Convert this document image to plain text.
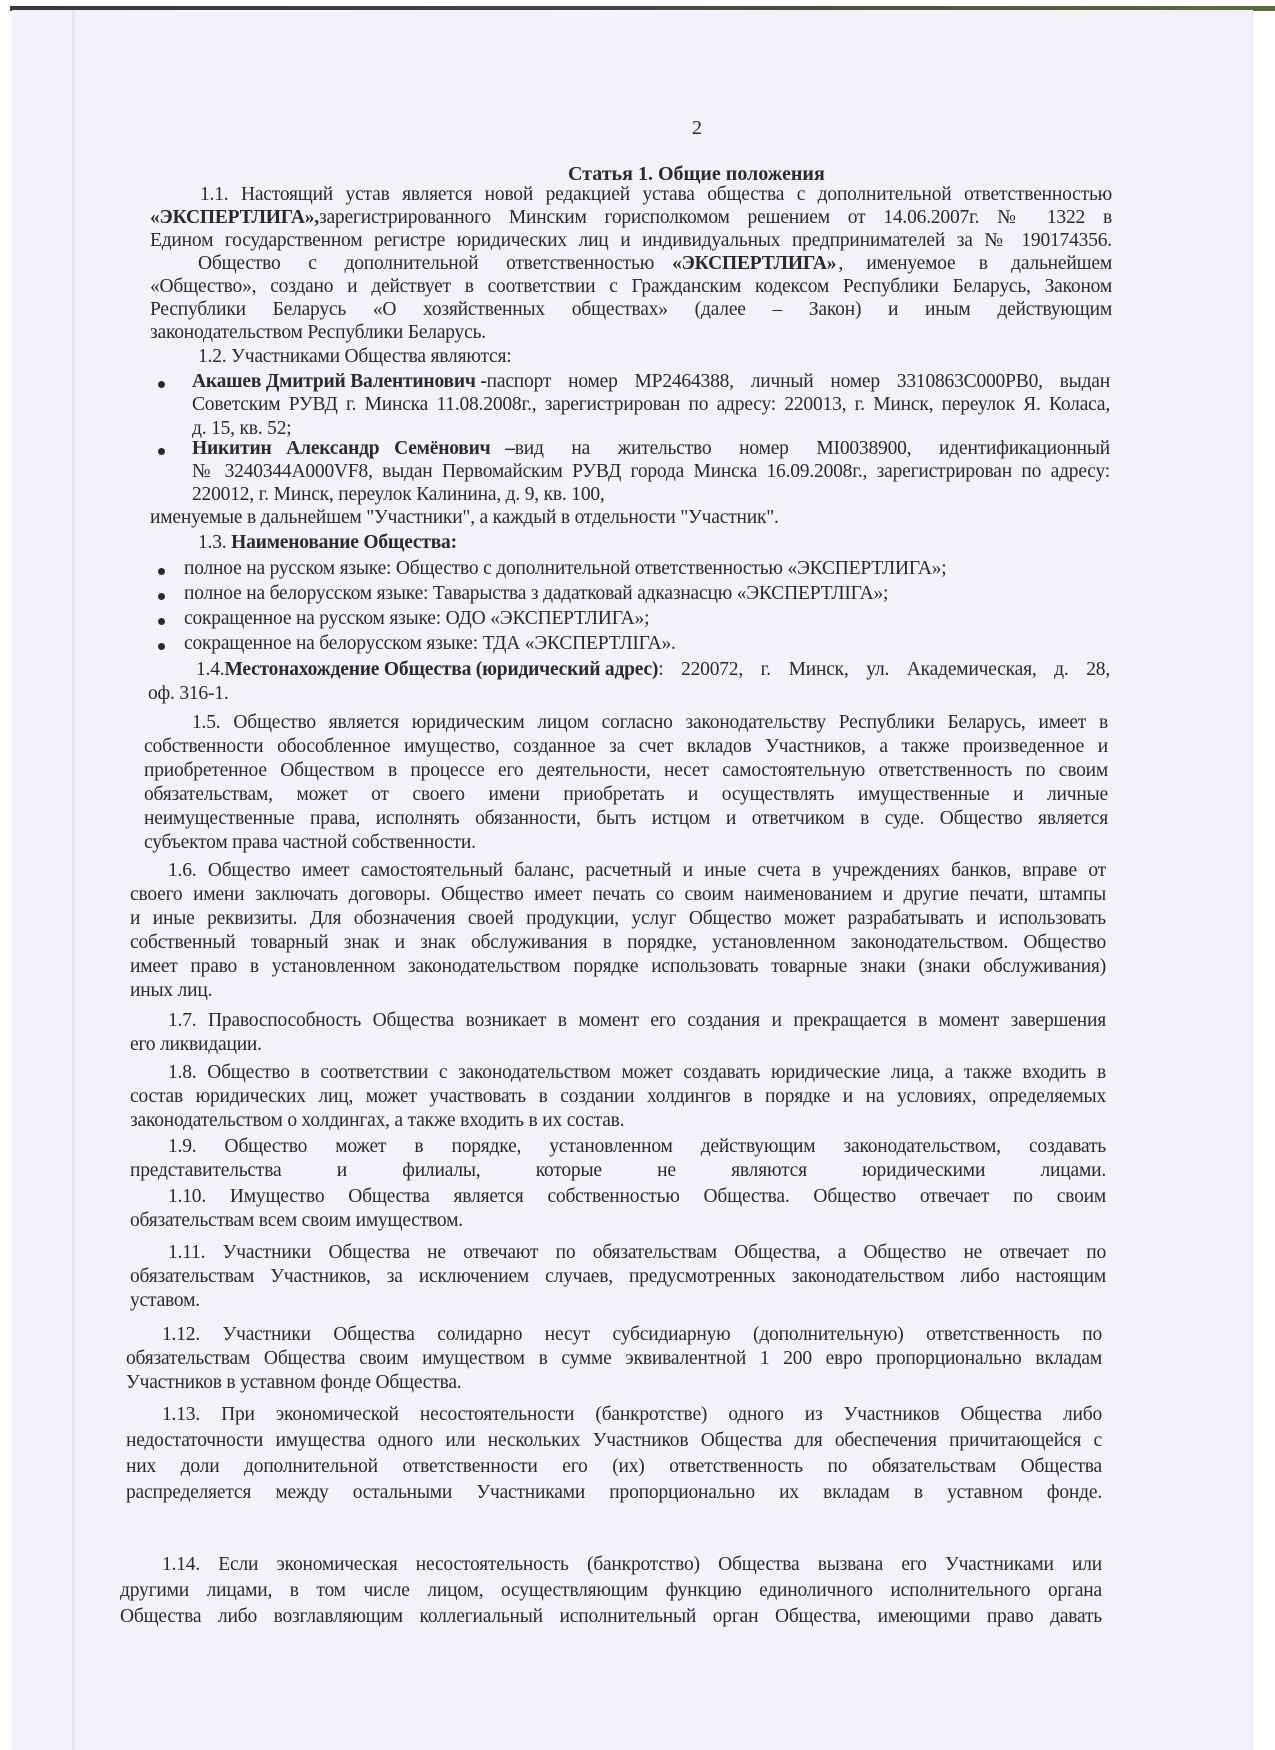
2
Статья 1. Общие положения
1.1. Настоящий устав является новой редакцией устава общества с дополнительной ответственностью
«ЭКСПЕРТЛИГА», зарегистрированного Минским горисполкомом решением от 14.06.2007г. № 1322 в
Едином государственном регистре юридических лиц и индивидуальных предпринимателей за № 190174356.
Общество с дополнительной ответственностью «ЭКСПЕРТЛИГА» , именуемое в дальнейшем
«Общество», создано и действует в соответствии с Гражданским кодексом Республики Беларусь, Законом
Республики Беларусь «О хозяйственных обществах» (далее – Закон) и иным действующим
законодательством Республики Беларусь.
1.2. Участниками Общества являются:
Акашев Дмитрий Валентинович - паспорт номер MP2464388, личный номер 3310863C000PB0, выдан
Советским РУВД г. Минска 11.08.2008г., зарегистрирован по адресу: 220013, г. Минск, переулок Я. Коласа,
д. 15, кв. 52;
Никитин Александр Семёнович – вид на жительство номер MI0038900, идентификационный
№ 3240344A000VF8, выдан Первомайским РУВД города Минска 16.09.2008г., зарегистрирован по адресу:
220012, г. Минск, переулок Калинина, д. 9, кв. 100,
именуемые в дальнейшем "Участники", а каждый в отдельности "Участник".
1.3. Наименование Общества:
полное на русском языке: Общество с дополнительной ответственностью «ЭКСПЕРТЛИГА»;
полное на белорусском языке: Таварыства з дадатковай адказнасцю «ЭКСПЕРТЛIГА»;
сокращенное на русском языке: ОДО «ЭКСПЕРТЛИГА»;
сокращенное на белорусском языке: ТДА «ЭКСПЕРТЛIГА».
1.4. Местонахождение Общества (юридический адрес) : 220072, г. Минск, ул. Академическая, д. 28,
оф. 316-1.
1.5. Общество является юридическим лицом согласно законодательству Республики Беларусь, имеет в
собственности обособленное имущество, созданное за счет вкладов Участников, а также произведенное и
приобретенное Обществом в процессе его деятельности, несет самостоятельную ответственность по своим
обязательствам, может от своего имени приобретать и осуществлять имущественные и личные
неимущественные права, исполнять обязанности, быть истцом и ответчиком в суде. Общество является
субъектом права частной собственности.
1.6. Общество имеет самостоятельный баланс, расчетный и иные счета в учреждениях банков, вправе от
своего имени заключать договоры. Общество имеет печать со своим наименованием и другие печати, штампы
и иные реквизиты. Для обозначения своей продукции, услуг Общество может разрабатывать и использовать
собственный товарный знак и знак обслуживания в порядке, установленном законодательством. Общество
имеет право в установленном законодательством порядке использовать товарные знаки (знаки обслуживания)
иных лиц.
1.7. Правоспособность Общества возникает в момент его создания и прекращается в момент завершения
его ликвидации.
1.8. Общество в соответствии с законодательством может создавать юридические лица, а также входить в
состав юридических лиц, может участвовать в создании холдингов в порядке и на условиях, определяемых
законодательством о холдингах, а также входить в их состав.
1.9. Общество может в порядке, установленном действующим законодательством, создавать
представительства и филиалы, которые не являются юридическими лицами.
1.10. Имущество Общества является собственностью Общества. Общество отвечает по своим
обязательствам всем своим имуществом.
1.11. Участники Общества не отвечают по обязательствам Общества, а Общество не отвечает по
обязательствам Участников, за исключением случаев, предусмотренных законодательством либо настоящим
уставом.
1.12. Участники Общества солидарно несут субсидиарную (дополнительную) ответственность по
обязательствам Общества своим имуществом в сумме эквивалентной 1 200 евро пропорционально вкладам
Участников в уставном фонде Общества.
1.13. При экономической несостоятельности (банкротстве) одного из Участников Общества либо
недостаточности имущества одного или нескольких Участников Общества для обеспечения причитающейся с
них доли дополнительной ответственности его (их) ответственность по обязательствам Общества
распределяется между остальными Участниками пропорционально их вкладам в уставном фонде.
1.14. Если экономическая несостоятельность (банкротство) Общества вызвана его Участниками или
другими лицами, в том числе лицом, осуществляющим функцию единоличного исполнительного органа
Общества либо возглавляющим коллегиальный исполнительный орган Общества, имеющими право давать
